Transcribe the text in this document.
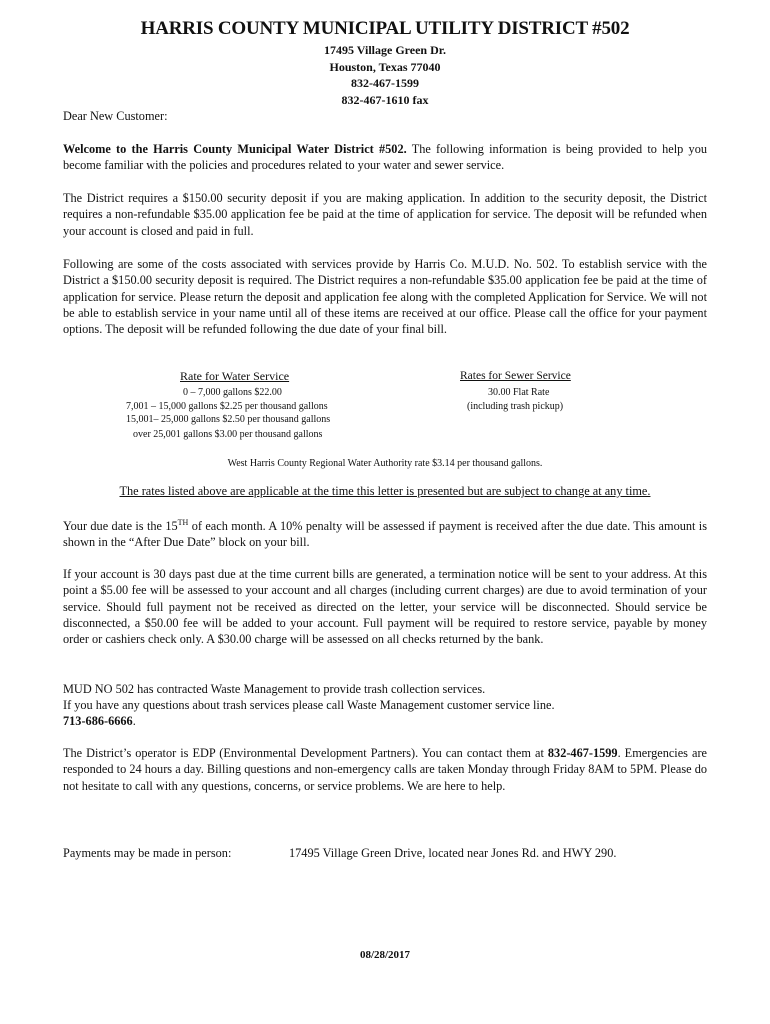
HARRIS COUNTY MUNICIPAL UTILITY DISTRICT #502
17495 Village Green Dr.
Houston, Texas 77040
832-467-1599
832-467-1610 fax

Dear New Customer:

Welcome to the Harris County Municipal Water District #502. The following information is being provided to help you become familiar with the policies and procedures related to your water and sewer service.

The District requires a $150.00 security deposit if you are making application. In addition to the security deposit, the District requires a non-refundable $35.00 application fee be paid at the time of application for service. The deposit will be refunded when your account is closed and paid in full.

Following are some of the costs associated with services provide by Harris Co. M.U.D. No. 502. To establish service with the District a $150.00 security deposit is required. The District requires a non-refundable $35.00 application fee be paid at the time of application for service. Please return the deposit and application fee along with the completed Application for Service. We will not be able to establish service in your name until all of these items are received at our office. Please call the office for your payment options. The deposit will be refunded following the due date of your final bill.

Rate for Water Service
0 – 7,000 gallons $22.00
7,001 – 15,000 gallons $2.25 per thousand gallons
15,001– 25,000 gallons $2.50 per thousand gallons
over 25,001 gallons $3.00 per thousand gallons
Rates for Sewer Service
30.00 Flat Rate
(including trash pickup)
West Harris County Regional Water Authority rate $3.14 per thousand gallons.
The rates listed above are applicable at the time this letter is presented but are subject to change at any time.

Your due date is the 15TH of each month. A 10% penalty will be assessed if payment is received after the due date. This amount is shown in the “After Due Date” block on your bill.

If your account is 30 days past due at the time current bills are generated, a termination notice will be sent to your address. At this point a $5.00 fee will be assessed to your account and all charges (including current charges) are due to avoid termination of your service. Should full payment not be received as directed on the letter, your service will be disconnected. Should service be disconnected, a $50.00 fee will be added to your account. Full payment will be required to restore service, payable by money order or cashiers check only. A $30.00 charge will be assessed on all checks returned by the bank.

MUD NO 502 has contracted Waste Management to provide trash collection services.
If you have any questions about trash services please call Waste Management customer service line.
713-686-6666.

The District’s operator is EDP (Environmental Development Partners). You can contact them at 832-467-1599. Emergencies are responded to 24 hours a day. Billing questions and non-emergency calls are taken Monday through Friday 8AM to 5PM. Please do not hesitate to call with any questions, concerns, or service problems. We are here to help.

Payments may be made in person:	17495 Village Green Drive, located near Jones Rd. and HWY 290.
08/28/2017
